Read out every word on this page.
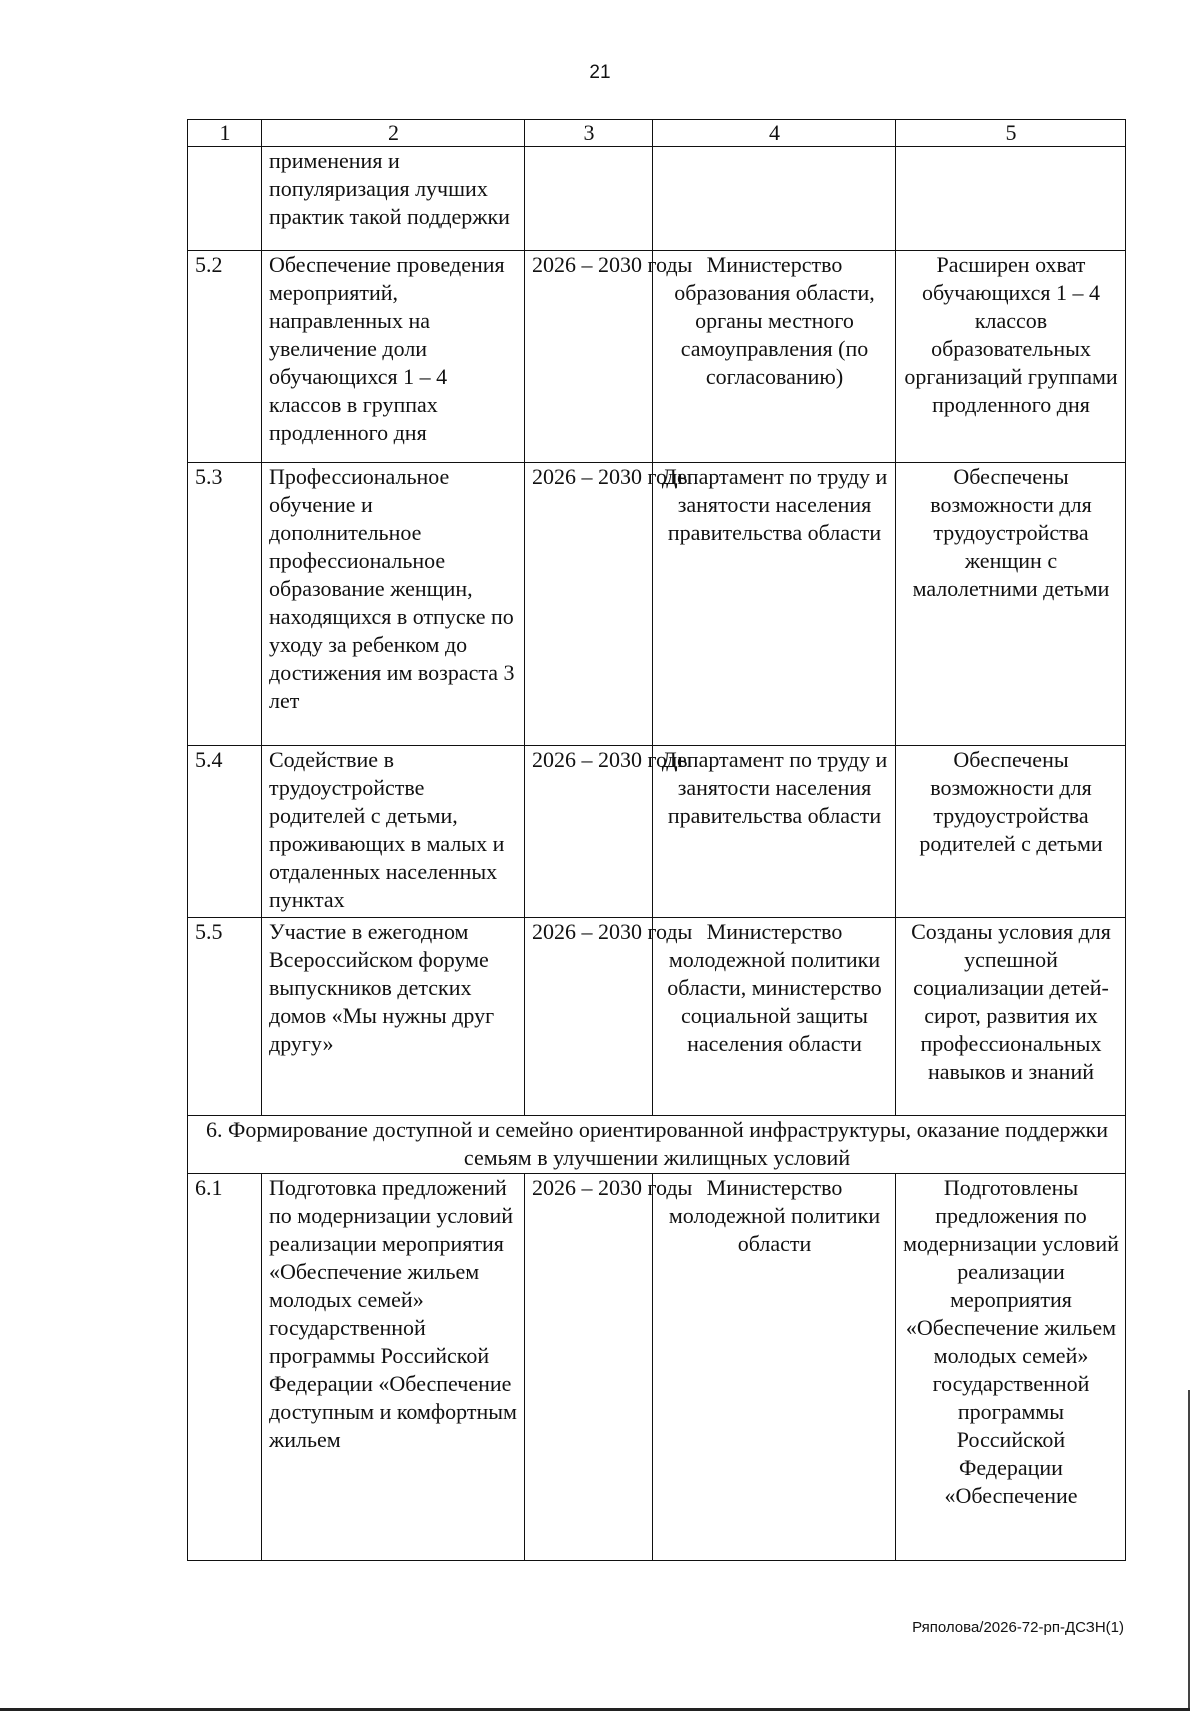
21
1	2	3	4	5
	применения и популяризация лучших практик такой поддержки			
5.2	Обеспечение проведения мероприятий, направленных на увеличение доли обучающихся 1 – 4 классов в группах продленного дня	2026 – 2030 годы	Министерство образования области, органы местного самоуправления (по согласованию)	Расширен охват обучающихся 1 – 4 классов образовательных организаций группами продленного дня
5.3	Профессиональное обучение и дополнительное профессиональное образование женщин, находящихся в отпуске по уходу за ребенком до достижения им возраста 3 лет	2026 – 2030 годы	Департамент по труду и занятости населения правительства области	Обеспечены возможности для трудоустройства женщин с малолетними детьми
5.4	Содействие в трудоустройстве родителей с детьми, проживающих в малых и отдаленных населенных пунктах	2026 – 2030 годы	Департамент по труду и занятости населения правительства области	Обеспечены возможности для трудоустройства родителей с детьми
5.5	Участие в ежегодном Всероссийском форуме выпускников детских домов «Мы нужны друг другу»	2026 – 2030 годы	Министерство молодежной политики области, министерство социальной защиты населения области	Созданы условия для успешной социализации детей-сирот, развития их профессиональных навыков и знаний
6. Формирование доступной и семейно ориентированной инфраструктуры, оказание поддержки семьям в улучшении жилищных условий				
6.1	Подготовка предложений по модернизации условий реализации мероприятия «Обеспечение жильем молодых семей» государственной программы Российской Федерации «Обеспечение доступным и комфортным жильем	2026 – 2030 годы	Министерство молодежной политики области	Подготовлены предложения по модернизации условий реализации мероприятия «Обеспечение жильем молодых семей» государственной программы Российской Федерации «Обеспечение
Ряполова/2026-72-рп-ДСЗН(1)
